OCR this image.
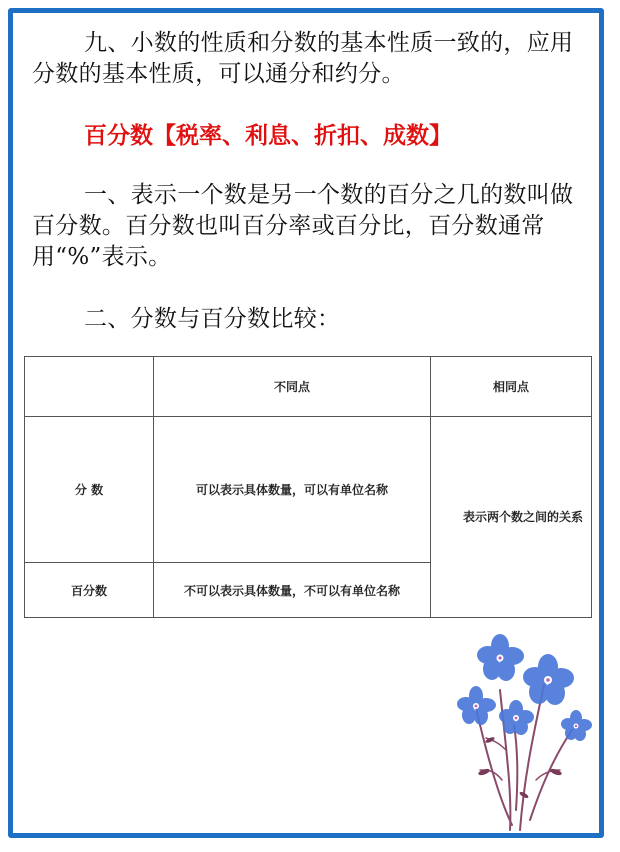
九、小数的性质和分数的基本性质一致的，应用分数的基本性质，可以通分和约分。
百分数【税率、利息、折扣、成数】
一、表示一个数是另一个数的百分之几的数叫做百分数。百分数也叫百分率或百分比，百分数通常用“%”表示。
二、分数与百分数比较：
	不同点	相同点
分 数	可以表示具体数量，可以有单位名称	表示两个数之间的关系
百分数	不可以表示具体数量，不可以有单位名称	
